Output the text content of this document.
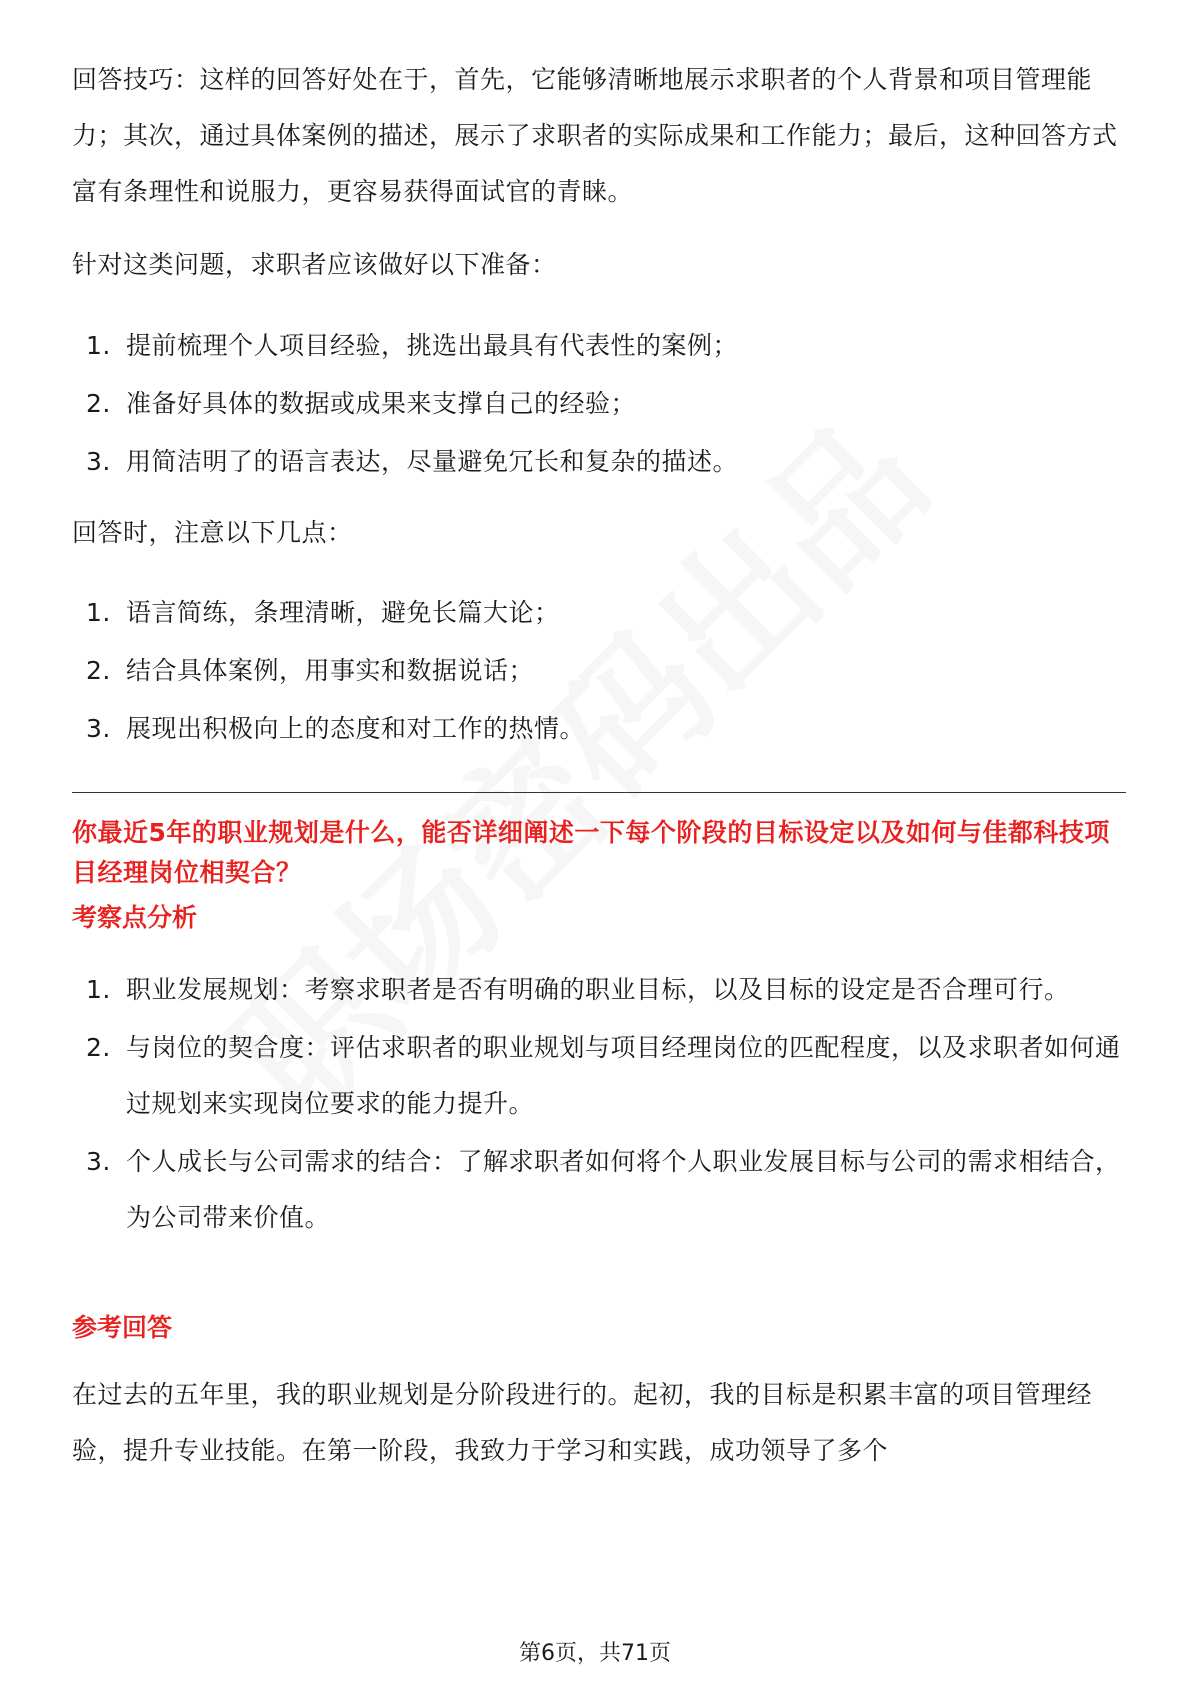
回答技巧：这样的回答好处在于，首先，它能够清晰地展示求职者的个人背景和项目管理能力；其次，通过具体案例的描述，展示了求职者的实际成果和工作能力；最后，这种回答方式富有条理性和说服力，更容易获得面试官的青睐。

针对这类问题，求职者应该做好以下准备：

1. 提前梳理个人项目经验，挑选出最具有代表性的案例；
2. 准备好具体的数据或成果来支撑自己的经验；
3. 用简洁明了的语言表达，尽量避免冗长和复杂的描述。

回答时，注意以下几点：

1. 语言简练，条理清晰，避免长篇大论；
2. 结合具体案例，用事实和数据说话；
3. 展现出积极向上的态度和对工作的热情。

你最近5年的职业规划是什么，能否详细阐述一下每个阶段的目标设定以及如何与佳都科技项目经理岗位相契合？

考察点分析

1. 职业发展规划：考察求职者是否有明确的职业目标，以及目标的设定是否合理可行。
2. 与岗位的契合度：评估求职者的职业规划与项目经理岗位的匹配程度，以及求职者如何通过规划来实现岗位要求的能力提升。
3. 个人成长与公司需求的结合：了解求职者如何将个人职业发展目标与公司的需求相结合，为公司带来价值。

参考回答

在过去的五年里，我的职业规划是分阶段进行的。起初，我的目标是积累丰富的项目管理经验，提升专业技能。在第一阶段，我致力于学习和实践，成功领导了多个

第6页，共71页
